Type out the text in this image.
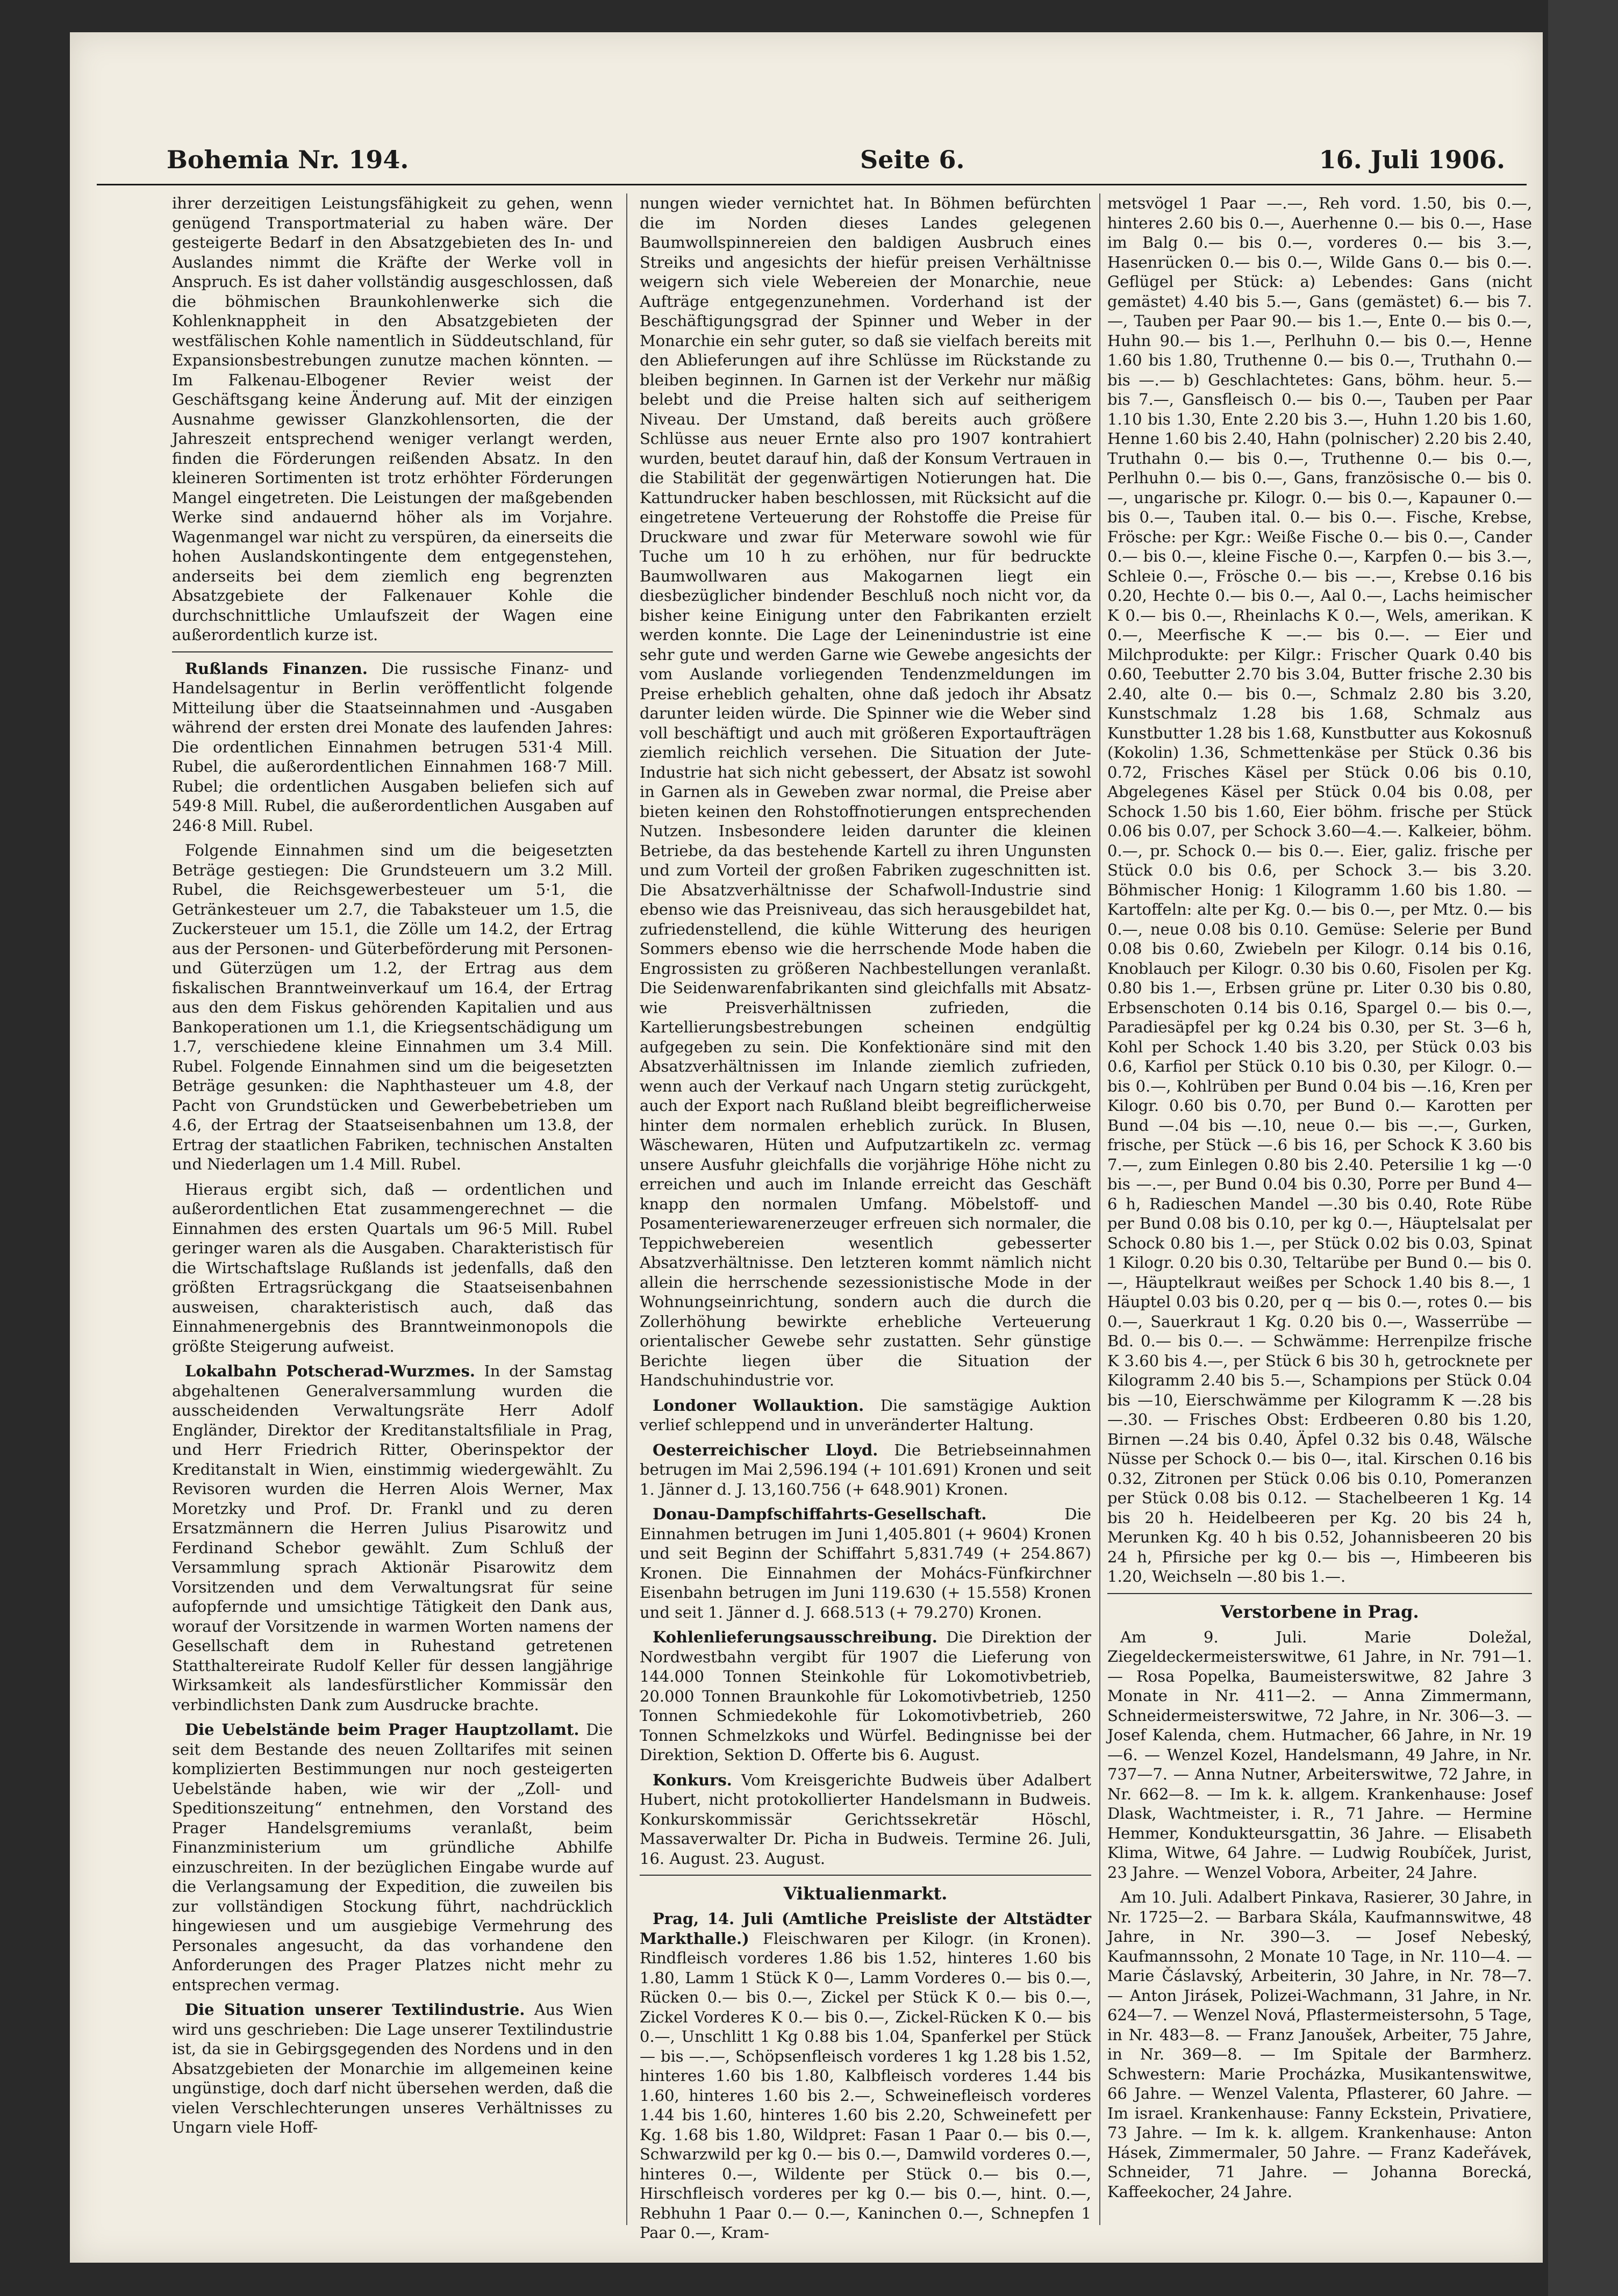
Bohemia Nr. 194.	Seite 6.	16. Juli 1906.

ihrer derzeitigen Leistungsfähigkeit zu gehen, wenn genügend Transportmaterial zu haben wäre. Der gesteigerte Bedarf in den Absatzgebieten des In- und Auslandes nimmt die Kräfte der Werke voll in Anspruch. Es ist daher vollständig ausgeschlossen, daß die böhmischen Braunkohlenwerke sich die Kohlenknappheit in den Absatzgebieten der westfälischen Kohle namentlich in Süddeutschland, für Expansionsbestrebungen zunutze machen könnten. — Im Falkenau-Elbogener Revier weist der Geschäftsgang keine Änderung auf. Mit der einzigen Ausnahme gewisser Glanzkohlensorten, die der Jahreszeit entsprechend weniger verlangt werden, finden die Förderungen reißenden Absatz. In den kleineren Sortimenten ist trotz erhöhter Förderungen Mangel eingetreten. Die Leistungen der maßgebenden Werke sind andauernd höher als im Vorjahre. Wagenmangel war nicht zu verspüren, da einerseits die hohen Auslandskontingente dem entgegenstehen, anderseits bei dem ziemlich eng begrenzten Absatzgebiete der Falkenauer Kohle die durchschnittliche Umlaufszeit der Wagen eine außerordentlich kurze ist.

Rußlands Finanzen. Die russische Finanz- und Handelsagentur in Berlin veröffentlicht folgende Mitteilung über die Staatseinnahmen und -Ausgaben während der ersten drei Monate des laufenden Jahres: Die ordentlichen Einnahmen betrugen 531·4 Mill. Rubel, die außerordentlichen Einnahmen 168·7 Mill. Rubel; die ordentlichen Ausgaben beliefen sich auf 549·8 Mill. Rubel, die außerordentlichen Ausgaben auf 246·8 Mill. Rubel.

Folgende Einnahmen sind um die beigesetzten Beträge gestiegen: Die Grundsteuern um 3.2 Mill. Rubel, die Reichsgewerbesteuer um 5·1, die Getränkesteuer um 2.7, die Tabaksteuer um 1.5, die Zuckersteuer um 15.1, die Zölle um 14.2, der Ertrag aus der Personen- und Güterbeförderung mit Personen- und Güterzügen um 1.2, der Ertrag aus dem fiskalischen Branntweinverkauf um 16.4, der Ertrag aus den dem Fiskus gehörenden Kapitalien und aus Bankoperationen um 1.1, die Kriegsentschädigung um 1.7, verschiedene kleine Einnahmen um 3.4 Mill. Rubel. Folgende Einnahmen sind um die beigesetzten Beträge gesunken: die Naphthasteuer um 4.8, der Pacht von Grundstücken und Gewerbebetrieben um 4.6, der Ertrag der Staatseisenbahnen um 13.8, der Ertrag der staatlichen Fabriken, technischen Anstalten und Niederlagen um 1.4 Mill. Rubel.

Hieraus ergibt sich, daß — ordentlichen und außerordentlichen Etat zusammengerechnet — die Einnahmen des ersten Quartals um 96·5 Mill. Rubel geringer waren als die Ausgaben. Charakteristisch für die Wirtschaftslage Rußlands ist jedenfalls, daß den größten Ertragsrückgang die Staatseisenbahnen ausweisen, charakteristisch auch, daß das Einnahmenergebnis des Branntweinmonopols die größte Steigerung aufweist.

Lokalbahn Potscherad-Wurzmes. In der Samstag abgehaltenen Generalversammlung wurden die ausscheidenden Verwaltungsräte Herr Adolf Engländer, Direktor der Kreditanstaltsfiliale in Prag, und Herr Friedrich Ritter, Oberinspektor der Kreditanstalt in Wien, einstimmig wiedergewählt. Zu Revisoren wurden die Herren Alois Werner, Max Moretzky und Prof. Dr. Frankl und zu deren Ersatzmännern die Herren Julius Pisarowitz und Ferdinand Schebor gewählt. Zum Schluß der Versammlung sprach Aktionär Pisarowitz dem Vorsitzenden und dem Verwaltungsrat für seine aufopfernde und umsichtige Tätigkeit den Dank aus, worauf der Vorsitzende in warmen Worten namens der Gesellschaft dem in Ruhestand getretenen Statthaltereirate Rudolf Keller für dessen langjährige Wirksamkeit als landesfürstlicher Kommissär den verbindlichsten Dank zum Ausdrucke brachte.

Die Uebelstände beim Prager Hauptzollamt. Die seit dem Bestande des neuen Zolltarifes mit seinen komplizierten Bestimmungen nur noch gesteigerten Uebelstände haben, wie wir der „Zoll- und Speditionszeitung“ entnehmen, den Vorstand des Prager Handelsgremiums veranlaßt, beim Finanzministerium um gründliche Abhilfe einzuschreiten. In der bezüglichen Eingabe wurde auf die Verlangsamung der Expedition, die zuweilen bis zur vollständigen Stockung führt, nachdrücklich hingewiesen und um ausgiebige Vermehrung des Personales angesucht, da das vorhandene den Anforderungen des Prager Platzes nicht mehr zu entsprechen vermag.

Die Situation unserer Textilindustrie. Aus Wien wird uns geschrieben: Die Lage unserer Textilindustrie ist, da sie in Gebirgsgegenden des Nordens und in den Absatzgebieten der Monarchie im allgemeinen keine ungünstige, doch darf nicht übersehen werden, daß die vielen Verschlechterungen unseres Verhältnisses zu Ungarn viele Hoff-

nungen wieder vernichtet hat. In Böhmen befürchten die im Norden dieses Landes gelegenen Baumwollspinnereien den baldigen Ausbruch eines Streiks und angesichts der hiefür preisen Verhältnisse weigern sich viele Webereien der Monarchie, neue Aufträge entgegenzunehmen. Vorderhand ist der Beschäftigungsgrad der Spinner und Weber in der Monarchie ein sehr guter, so daß sie vielfach bereits mit den Ablieferungen auf ihre Schlüsse im Rückstande zu bleiben beginnen. In Garnen ist der Verkehr nur mäßig belebt und die Preise halten sich auf seitherigem Niveau. Der Umstand, daß bereits auch größere Schlüsse aus neuer Ernte also pro 1907 kontrahiert wurden, beutet darauf hin, daß der Konsum Vertrauen in die Stabilität der gegenwärtigen Notierungen hat. Die Kattundrucker haben beschlossen, mit Rücksicht auf die eingetretene Verteuerung der Rohstoffe die Preise für Druckware und zwar für Meterware sowohl wie für Tuche um 10 h zu erhöhen, nur für bedruckte Baumwollwaren aus Makogarnen liegt ein diesbezüglicher bindender Beschluß noch nicht vor, da bisher keine Einigung unter den Fabrikanten erzielt werden konnte. Die Lage der Leinenindustrie ist eine sehr gute und werden Garne wie Gewebe angesichts der vom Auslande vorliegenden Tendenzmeldungen im Preise erheblich gehalten, ohne daß jedoch ihr Absatz darunter leiden würde. Die Spinner wie die Weber sind voll beschäftigt und auch mit größeren Exportaufträgen ziemlich reichlich versehen. Die Situation der Jute-Industrie hat sich nicht gebessert, der Absatz ist sowohl in Garnen als in Geweben zwar normal, die Preise aber bieten keinen den Rohstoffnotierungen entsprechenden Nutzen. Insbesondere leiden darunter die kleinen Betriebe, da das bestehende Kartell zu ihren Ungunsten und zum Vorteil der großen Fabriken zugeschnitten ist. Die Absatzverhältnisse der Schafwoll-Industrie sind ebenso wie das Preisniveau, das sich herausgebildet hat, zufriedenstellend, die kühle Witterung des heurigen Sommers ebenso wie die herrschende Mode haben die Engrossisten zu größeren Nachbestellungen veranlaßt. Die Seidenwarenfabrikanten sind gleichfalls mit Absatz- wie Preisverhältnissen zufrieden, die Kartellierungsbestrebungen scheinen endgültig aufgegeben zu sein. Die Konfektionäre sind mit den Absatzverhältnissen im Inlande ziemlich zufrieden, wenn auch der Verkauf nach Ungarn stetig zurückgeht, auch der Export nach Rußland bleibt begreiflicherweise hinter dem normalen erheblich zurück. In Blusen, Wäschewaren, Hüten und Aufputzartikeln zc. vermag unsere Ausfuhr gleichfalls die vorjährige Höhe nicht zu erreichen und auch im Inlande erreicht das Geschäft knapp den normalen Umfang. Möbelstoff- und Posamenteriewarenerzeuger erfreuen sich normaler, die Teppichwebereien wesentlich gebesserter Absatzverhältnisse. Den letzteren kommt nämlich nicht allein die herrschende sezessionistische Mode in der Wohnungseinrichtung, sondern auch die durch die Zollerhöhung bewirkte erhebliche Verteuerung orientalischer Gewebe sehr zustatten. Sehr günstige Berichte liegen über die Situation der Handschuhindustrie vor.

Londoner Wollauktion. Die samstägige Auktion verlief schleppend und in unveränderter Haltung.

Oesterreichischer Lloyd. Die Betriebseinnahmen betrugen im Mai 2,596.194 (+ 101.691) Kronen und seit 1. Jänner d. J. 13,160.756 (+ 648.901) Kronen.

Donau-Dampfschiffahrts-Gesellschaft.	Die Einnahmen betrugen im Juni 1,405.801 (+ 9604) Kronen und seit Beginn der Schiffahrt 5,831.749 (+ 254.867) Kronen. Die Einnahmen der Mohács-Fünfkirchner Eisenbahn betrugen im Juni 119.630 (+ 15.558) Kronen und seit 1. Jänner d. J. 668.513 (+ 79.270) Kronen.

Kohlenlieferungsausschreibung. Die Direktion der Nordwestbahn vergibt für 1907 die Lieferung von 144.000 Tonnen Steinkohle für Lokomotivbetrieb, 20.000 Tonnen Braunkohle für Lokomotivbetrieb, 1250 Tonnen Schmiedekohle für Lokomotivbetrieb, 260 Tonnen Schmelzkoks und Würfel. Bedingnisse bei der Direktion, Sektion D. Offerte bis 6. August.

Konkurs. Vom Kreisgerichte Budweis über Adalbert Hubert, nicht protokollierter Handelsmann in Budweis. Konkurskommissär Gerichtssekretär Höschl, Massaverwalter Dr. Picha in Budweis. Termine 26. Juli, 16. August. 23. August.

Viktualienmarkt.

Prag, 14. Juli (Amtliche Preisliste der Altstädter Markthalle.) Fleischwaren per Kilogr. (in Kronen). Rindfleisch vorderes 1.86 bis 1.52, hinteres 1.60 bis 1.80, Lamm 1 Stück K 0—, Lamm Vorderes 0.— bis 0.—, Rücken 0.— bis 0.—, Zickel per Stück K 0.— bis 0.—, Zickel Vorderes K 0.— bis 0.—, Zickel-Rücken K 0.— bis 0.—, Unschlitt 1 Kg 0.88 bis 1.04, Spanferkel per Stück — bis —.—, Schöpsenfleisch vorderes 1 kg 1.28 bis 1.52, hinteres 1.60 bis 1.80, Kalbfleisch vorderes 1.44 bis 1.60, hinteres 1.60 bis 2.—, Schweinefleisch vorderes 1.44 bis 1.60, hinteres 1.60 bis 2.20, Schweinefett per Kg. 1.68 bis 1.80, Wildpret: Fasan 1 Paar 0.— bis 0.—, Schwarzwild per kg 0.— bis 0.—, Damwild vorderes 0.—, hinteres 0.—, Wildente per Stück 0.— bis 0.—, Hirschfleisch vorderes per kg 0.— bis 0.—, hint. 0.—, Rebhuhn 1 Paar 0.— 0.—, Kaninchen 0.—, Schnepfen 1 Paar 0.—, Kram-

metsvögel 1 Paar —.—, Reh vord. 1.50, bis 0.—, hinteres 2.60 bis 0.—, Auerhenne 0.— bis 0.—, Hase im Balg 0.— bis 0.—, vorderes 0.— bis 3.—, Hasenrücken 0.— bis 0.—, Wilde Gans 0.— bis 0.—. Geflügel per Stück: a) Lebendes: Gans (nicht gemästet) 4.40 bis 5.—, Gans (gemästet) 6.— bis 7.—, Tauben per Paar 90.— bis 1.—, Ente 0.— bis 0.—, Huhn 90.— bis 1.—, Perlhuhn 0.— bis 0.—, Henne 1.60 bis 1.80, Truthenne 0.— bis 0.—, Truthahn 0.— bis —.— b) Geschlachtetes: Gans, böhm. heur. 5.— bis 7.—, Gansfleisch 0.— bis 0.—, Tauben per Paar 1.10 bis 1.30, Ente 2.20 bis 3.—, Huhn 1.20 bis 1.60, Henne 1.60 bis 2.40, Hahn (polnischer) 2.20 bis 2.40, Truthahn 0.— bis 0.—, Truthenne 0.— bis 0.—, Perlhuhn 0.— bis 0.—, Gans, französische 0.— bis 0.—, ungarische pr. Kilogr. 0.— bis 0.—, Kapauner 0.— bis 0.—, Tauben ital. 0.— bis 0.—. Fische, Krebse, Frösche: per Kgr.: Weiße Fische 0.— bis 0.—, Cander 0.— bis 0.—, kleine Fische 0.—, Karpfen 0.— bis 3.—, Schleie 0.—, Frösche 0.— bis —.—, Krebse 0.16 bis 0.20, Hechte 0.— bis 0.—, Aal 0.—, Lachs heimischer K 0.— bis 0.—, Rheinlachs K 0.—, Wels, amerikan. K 0.—, Meerfische K —.— bis 0.—. — Eier und Milchprodukte: per Kilgr.: Frischer Quark 0.40 bis 0.60, Teebutter 2.70 bis 3.04, Butter frische 2.30 bis 2.40, alte 0.— bis 0.—, Schmalz 2.80 bis 3.20, Kunstschmalz 1.28 bis 1.68, Schmalz aus Kunstbutter 1.28 bis 1.68, Kunstbutter aus Kokosnuß (Kokolin) 1.36, Schmettenkäse per Stück 0.36 bis 0.72, Frisches Käsel per Stück 0.06 bis 0.10, Abgelegenes Käsel per Stück 0.04 bis 0.08, per Schock 1.50 bis 1.60, Eier böhm. frische per Stück 0.06 bis 0.07, per Schock 3.60—4.—. Kalkeier, böhm. 0.—, pr. Schock 0.— bis 0.—. Eier, galiz. frische per Stück 0.0 bis 0.6, per Schock 3.— bis 3.20. Böhmischer Honig: 1 Kilogramm 1.60 bis 1.80. — Kartoffeln: alte per Kg. 0.— bis 0.—, per Mtz. 0.— bis 0.—, neue 0.08 bis 0.10. Gemüse: Selerie per Bund 0.08 bis 0.60, Zwiebeln per Kilogr. 0.14 bis 0.16, Knoblauch per Kilogr. 0.30 bis 0.60, Fisolen per Kg. 0.80 bis 1.—, Erbsen grüne pr. Liter 0.30 bis 0.80, Erbsenschoten 0.14 bis 0.16, Spargel 0.— bis 0.—, Paradiesäpfel per kg 0.24 bis 0.30, per St. 3—6 h, Kohl per Schock 1.40 bis 3.20, per Stück 0.03 bis 0.6, Karfiol per Stück 0.10 bis 0.30, per Kilogr. 0.— bis 0.—, Kohlrüben per Bund 0.04 bis —.16, Kren per Kilogr. 0.60 bis 0.70, per Bund 0.— Karotten per Bund —.04 bis —.10, neue 0.— bis —.—, Gurken, frische, per Stück —.6 bis 16, per Schock K 3.60 bis 7.—, zum Einlegen 0.80 bis 2.40. Petersilie 1 kg —·0 bis —.—, per Bund 0.04 bis 0.30, Porre per Bund 4—6 h, Radieschen Mandel —.30 bis 0.40, Rote Rübe per Bund 0.08 bis 0.10, per kg 0.—, Häuptelsalat per Schock 0.80 bis 1.—, per Stück 0.02 bis 0.03, Spinat 1 Kilogr. 0.20 bis 0.30, Teltarübe per Bund 0.— bis 0.—, Häuptelkraut weißes per Schock 1.40 bis 8.—, 1 Häuptel 0.03 bis 0.20, per q — bis 0.—, rotes 0.— bis 0.—, Sauerkraut 1 Kg. 0.20 bis 0.—, Wasserrübe — Bd. 0.— bis 0.—. — Schwämme: Herrenpilze frische K 3.60 bis 4.—, per Stück 6 bis 30 h, getrocknete per Kilogramm 2.40 bis 5.—, Schampions per Stück 0.04 bis —10, Eierschwämme per Kilogramm K —.28 bis —.30. — Frisches Obst: Erdbeeren 0.80 bis 1.20, Birnen —.24 bis 0.40, Äpfel 0.32 bis 0.48, Wälsche Nüsse per Schock 0.— bis 0—, ital. Kirschen 0.16 bis 0.32, Zitronen per Stück 0.06 bis 0.10, Pomeranzen per Stück 0.08 bis 0.12. — Stachelbeeren 1 Kg. 14 bis 20 h. Heidelbeeren per Kg. 20 bis 24 h, Merunken Kg. 40 h bis 0.52, Johannisbeeren 20 bis 24 h, Pfirsiche per kg 0.— bis —, Himbeeren bis 1.20, Weichseln —.80 bis 1.—.

Verstorbene in Prag.

Am 9. Juli. Marie Doležal, Ziegeldeckermeisterswitwe, 61 Jahre, in Nr. 791—1. — Rosa Popelka, Baumeisterswitwe, 82 Jahre 3 Monate in Nr. 411—2. — Anna Zimmermann, Schneidermeisterswitwe, 72 Jahre, in Nr. 306—3. — Josef Kalenda, chem. Hutmacher, 66 Jahre, in Nr. 19—6. — Wenzel Kozel, Handelsmann, 49 Jahre, in Nr. 737—7. — Anna Nutner, Arbeiterswitwe, 72 Jahre, in Nr. 662—8. — Im k. k. allgem. Krankenhause: Josef Dlask, Wachtmeister, i. R., 71 Jahre. — Hermine Hemmer, Kondukteursgattin, 36 Jahre. — Elisabeth Klima, Witwe, 64 Jahre. — Ludwig Roubíček, Jurist, 23 Jahre. — Wenzel Vobora, Arbeiter, 24 Jahre.

Am 10. Juli. Adalbert Pinkava, Rasierer, 30 Jahre, in Nr. 1725—2. — Barbara Skála, Kaufmannswitwe, 48 Jahre, in Nr. 390—3. — Josef Nebeský, Kaufmannssohn, 2 Monate 10 Tage, in Nr. 110—4. — Marie Čáslavský, Arbeiterin, 30 Jahre, in Nr. 78—7. — Anton Jirásek, Polizei-Wachmann, 31 Jahre, in Nr. 624—7. — Wenzel Nová, Pflastermeistersohn, 5 Tage, in Nr. 483—8. — Franz Janoušek, Arbeiter, 75 Jahre, in Nr. 369—8. — Im Spitale der Barmherz. Schwestern: Marie Procházka, Musikantenswitwe, 66 Jahre. — Wenzel Valenta, Pflasterer, 60 Jahre. — Im israel. Krankenhause: Fanny Eckstein, Privatiere, 73 Jahre. — Im k. k. allgem. Krankenhause: Anton Hásek, Zimmermaler, 50 Jahre. — Franz Kadeřávek, Schneider, 71 Jahre. — Johanna Borecká, Kaffeekocher, 24 Jahre.
